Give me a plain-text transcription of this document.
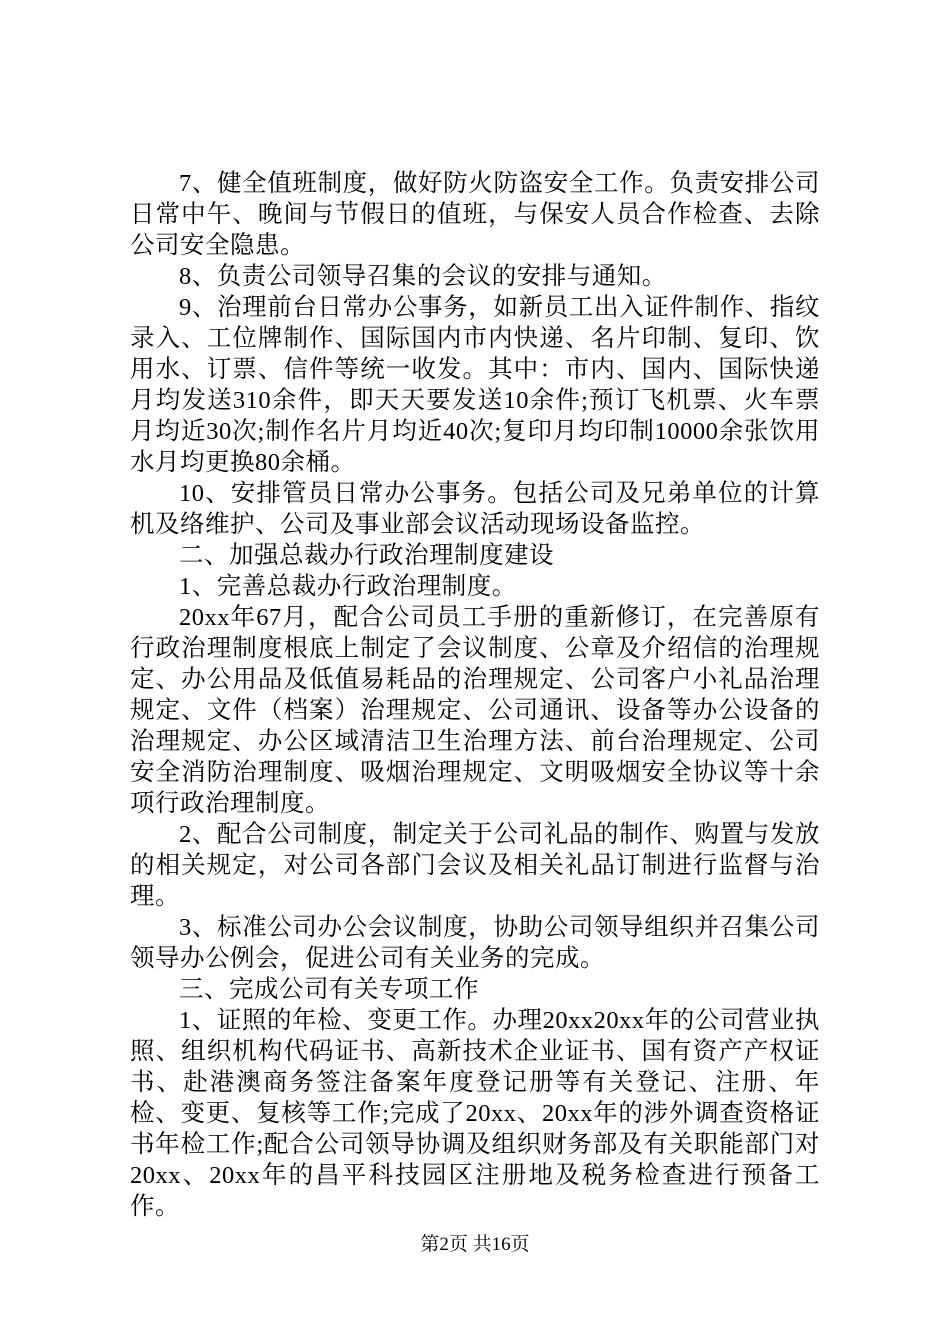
7、健全值班制度，做好防火防盗安全工作。负责安排公司日常中午、晚间与节假日的值班，与保安人员合作检查、去除公司安全隐患。

8、负责公司领导召集的会议的安排与通知。

9、治理前台日常办公事务，如新员工出入证件制作、指纹录入、工位牌制作、国际国内市内快递、名片印制、复印、饮用水、订票、信件等统一收发。其中：市内、国内、国际快递月均发送310余件，即天天要发送10余件;预订飞机票、火车票月均近30次;制作名片月均近40次;复印月均印制10000余张饮用水月均更换80余桶。

10、安排管员日常办公事务。包括公司及兄弟单位的计算机及络维护、公司及事业部会议活动现场设备监控。

二、加强总裁办行政治理制度建设

1、完善总裁办行政治理制度。

20xx年67月，配合公司员工手册的重新修订，在完善原有行政治理制度根底上制定了会议制度、公章及介绍信的治理规定、办公用品及低值易耗品的治理规定、公司客户小礼品治理规定、文件（档案）治理规定、公司通讯、设备等办公设备的治理规定、办公区域清洁卫生治理方法、前台治理规定、公司安全消防治理制度、吸烟治理规定、文明吸烟安全协议等十余项行政治理制度。

2、配合公司制度，制定关于公司礼品的制作、购置与发放的相关规定，对公司各部门会议及相关礼品订制进行监督与治理。

3、标准公司办公会议制度，协助公司领导组织并召集公司领导办公例会，促进公司有关业务的完成。

三、完成公司有关专项工作

1、证照的年检、变更工作。办理20xx20xx年的公司营业执照、组织机构代码证书、高新技术企业证书、国有资产产权证书、赴港澳商务签注备案年度登记册等有关登记、注册、年检、变更、复核等工作;完成了20xx、20xx年的涉外调查资格证书年检工作;配合公司领导协调及组织财务部及有关职能部门对20xx、20xx年的昌平科技园区注册地及税务检查进行预备工作。

第2页 共16页
